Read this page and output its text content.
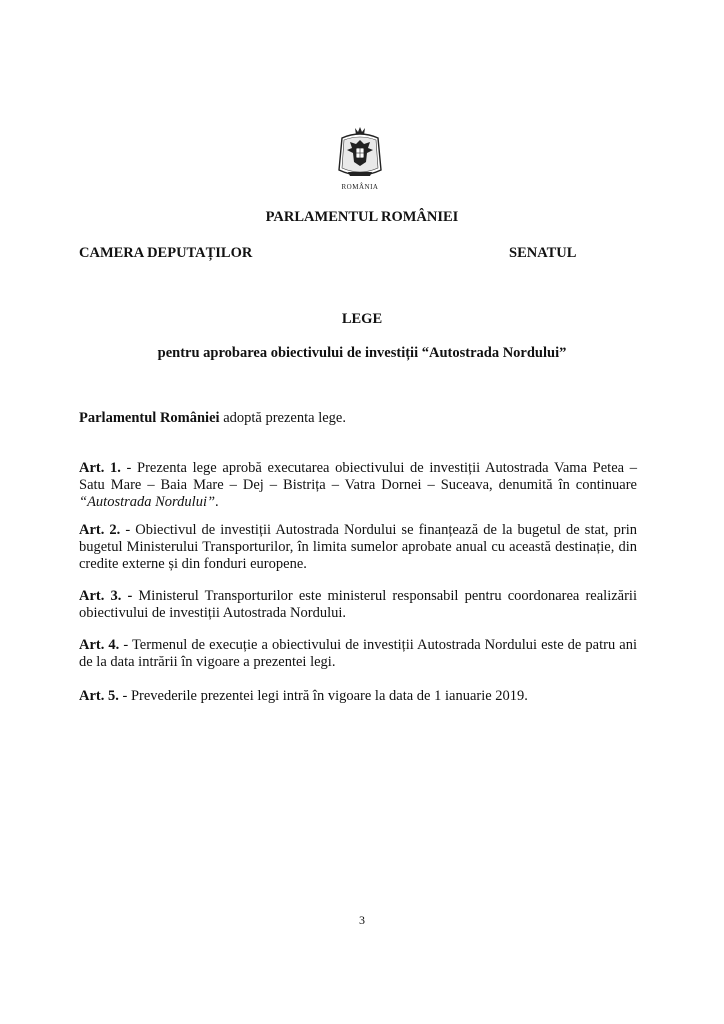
ROMÂNIA
PARLAMENTUL ROMÂNIEI
CAMERA DEPUTAȚILOR	SENATUL
LEGE
pentru aprobarea obiectivului de investiții “Autostrada Nordului”
Parlamentul României adoptă prezenta lege.
Art. 1. - Prezenta lege aprobă executarea obiectivului de investiții Autostrada Vama Petea – Satu Mare – Baia Mare – Dej – Bistrița – Vatra Dornei – Suceava, denumită în continuare “Autostrada Nordului”.
Art. 2. - Obiectivul de investiții Autostrada Nordului se finanțează de la bugetul de stat, prin bugetul Ministerului Transporturilor, în limita sumelor aprobate anual cu această destinație, din credite externe și din fonduri europene.
Art. 3. - Ministerul Transporturilor este ministerul responsabil pentru coordonarea realizării obiectivului de investiții Autostrada Nordului.
Art. 4. - Termenul de execuție a obiectivului de investiții Autostrada Nordului este de patru ani de la data intrării în vigoare a prezentei legi.
Art. 5. - Prevederile prezentei legi intră în vigoare la data de 1 ianuarie 2019.
3
